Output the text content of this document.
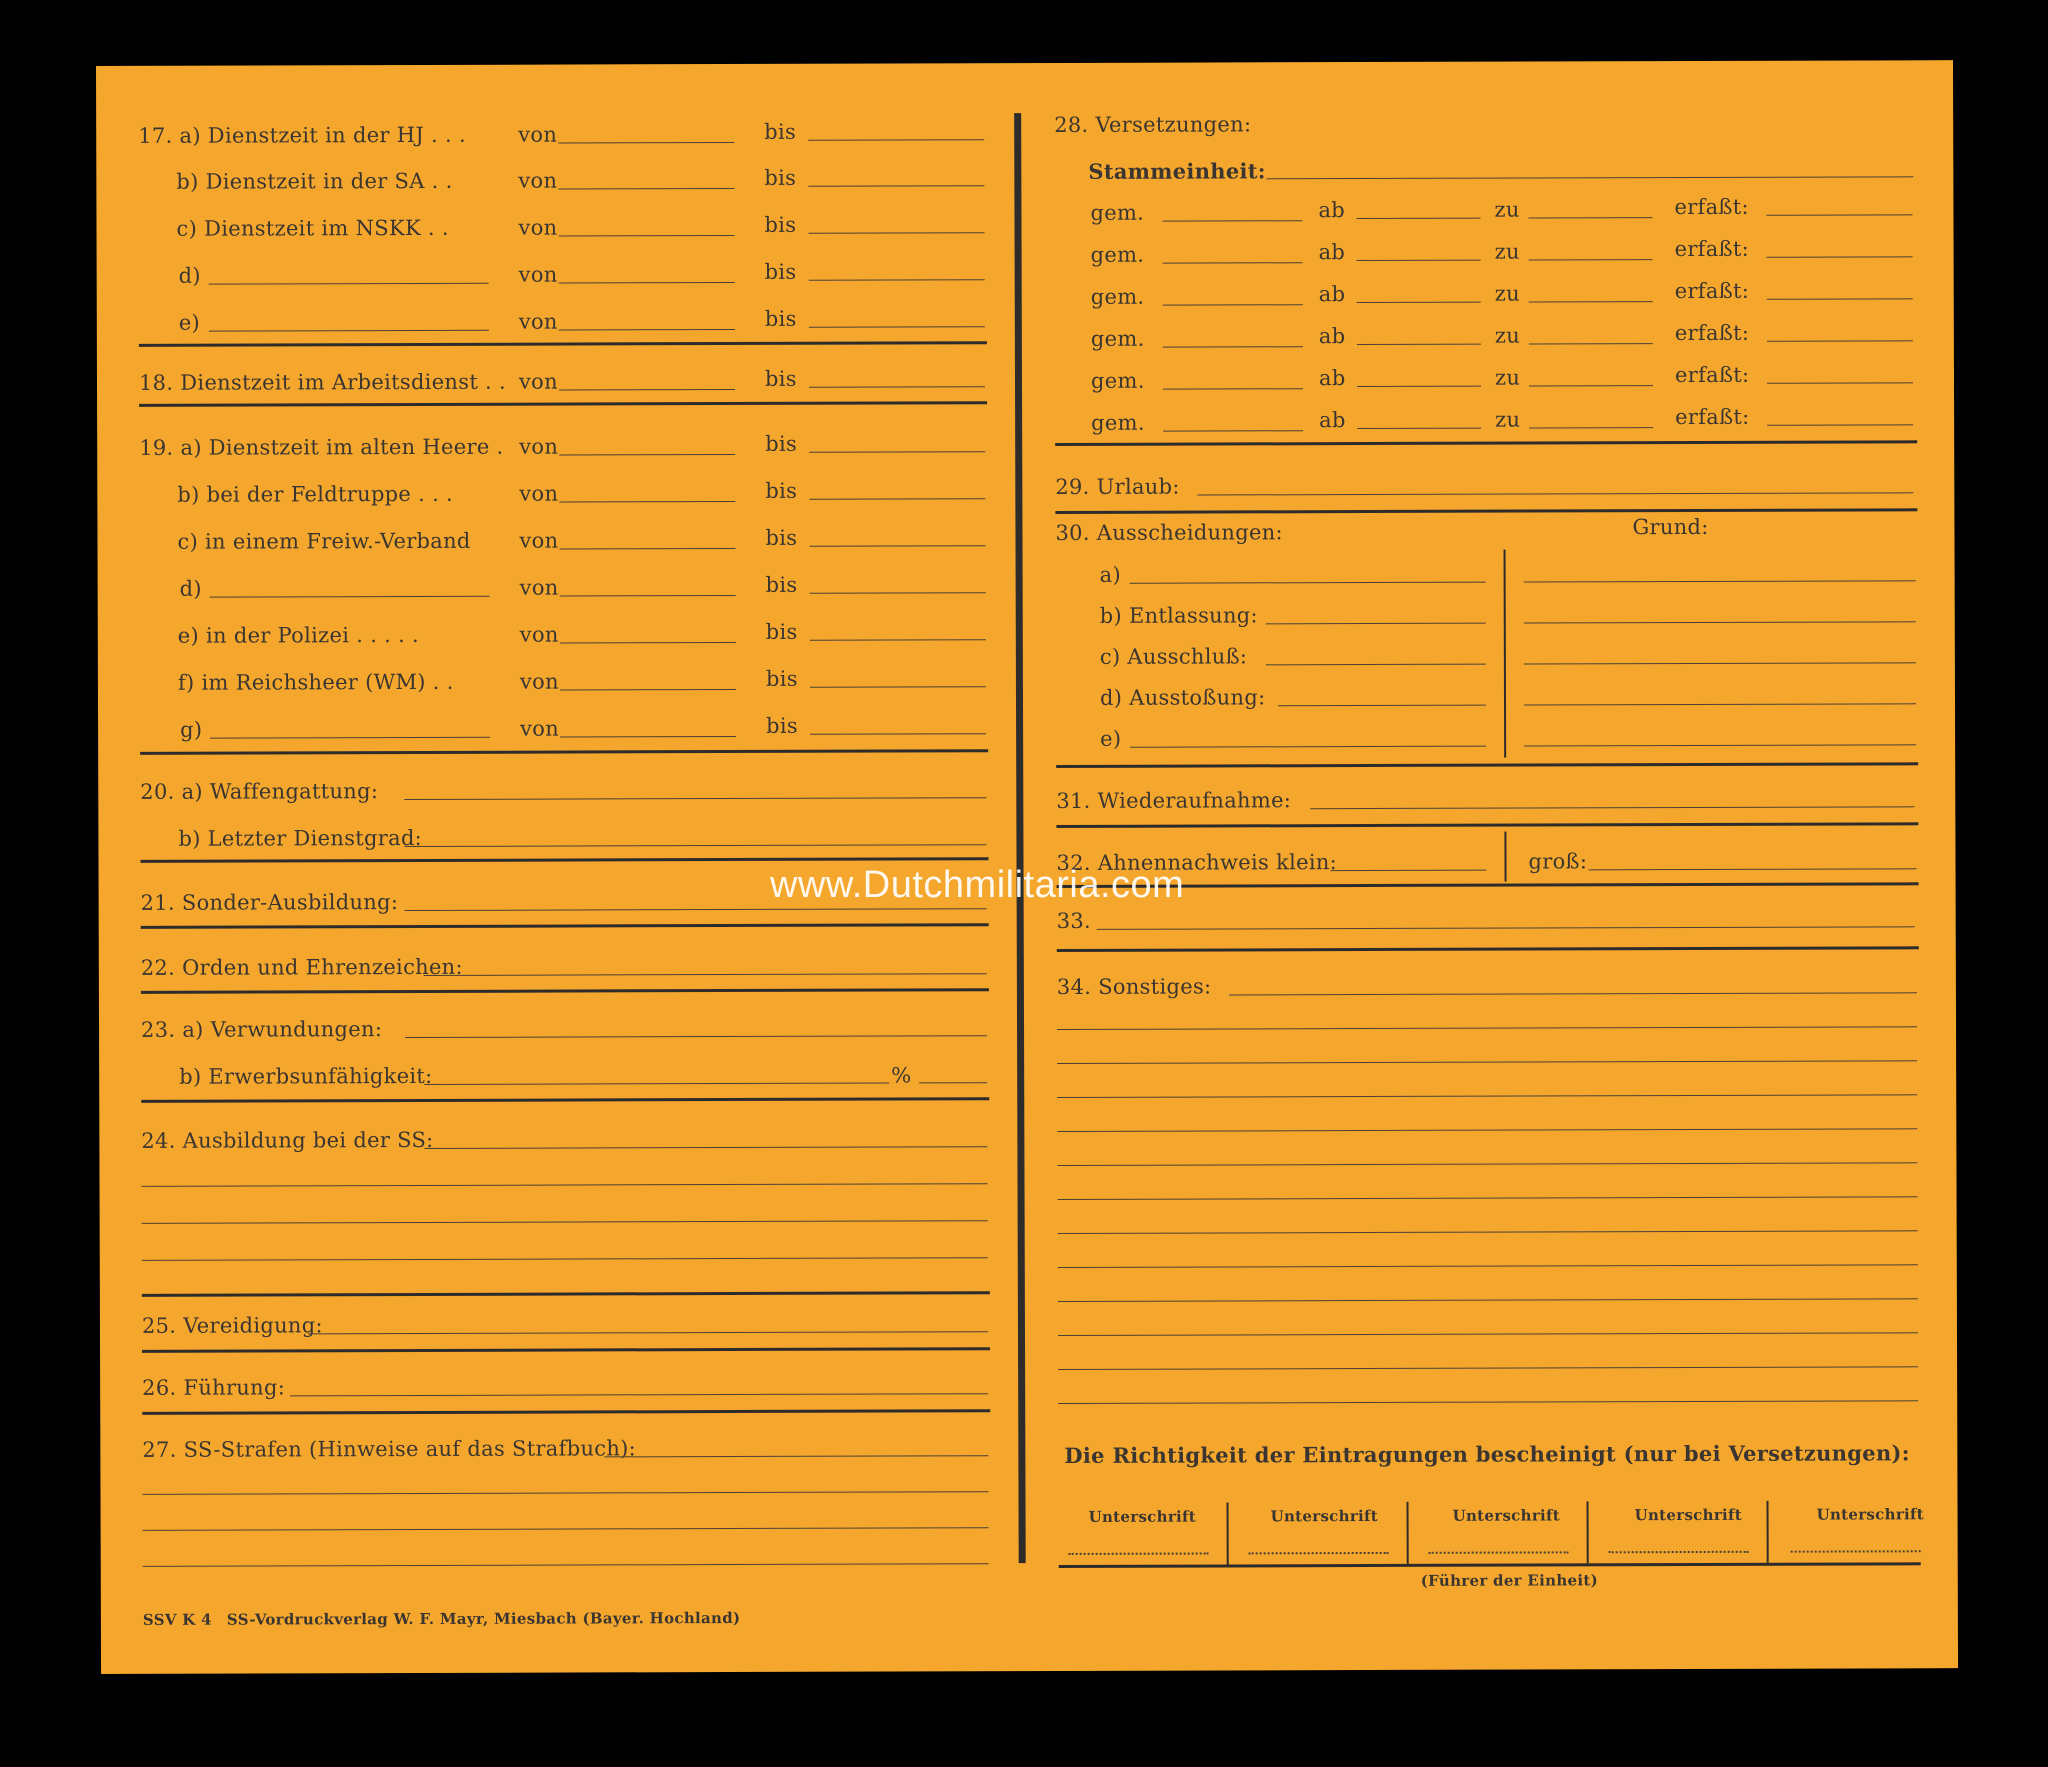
17. a) Dienstzeit in der HJ . . . von	bis
b) Dienstzeit in der SA . .	von	bis
c) Dienstzeit im NSKK . .	von	bis
d)	von	bis
e)	von	bis
18. Dienstzeit im Arbeitsdienst . . von	bis
19. a) Dienstzeit im alten Heere . von	bis
b) bei der Feldtruppe . . .	von	bis
c) in einem Freiw.-Verband von	bis
d)	von	bis
e) in der Polizei . . . . .	von	bis
f) im Reichsheer (WM) . .	von	bis
g)	von	bis
20. a) Waffengattung:
b) Letzter Dienstgrad:
21. Sonder-Ausbildung:
22. Orden und Ehrenzeichen:
23. a) Verwundungen:
b) Erwerbsunfähigkeit:	%
24. Ausbildung bei der SS:
25. Vereidigung:
26. Führung:
27. SS-Strafen (Hinweise auf das Strafbuch):
SSV K 4 SS-Vordruckverlag W. F. Mayr, Miesbach (Bayer. Hochland)
28. Versetzungen:
Stammeinheit:
gem.	ab	zu	erfaßt:
gem.	ab	zu	erfaßt:
gem.	ab	zu	erfaßt:
gem.	ab	zu	erfaßt:
gem.	ab	zu	erfaßt:
gem.	ab	zu	erfaßt:
29. Urlaub:
30. Ausscheidungen:	Grund:
a)
b) Entlassung:
c) Ausschluß:
d) Ausstoßung:
e)
31. Wiederaufnahme:
32. Ahnennachweis klein:	groß:
33.
34. Sonstiges:
Die Richtigkeit der Eintragungen bescheinigt (nur bei Versetzungen):
Unterschrift	Unterschrift	Unterschrift	Unterschrift	Unterschrift
(Führer der Einheit)
www.Dutchmilitaria.com
